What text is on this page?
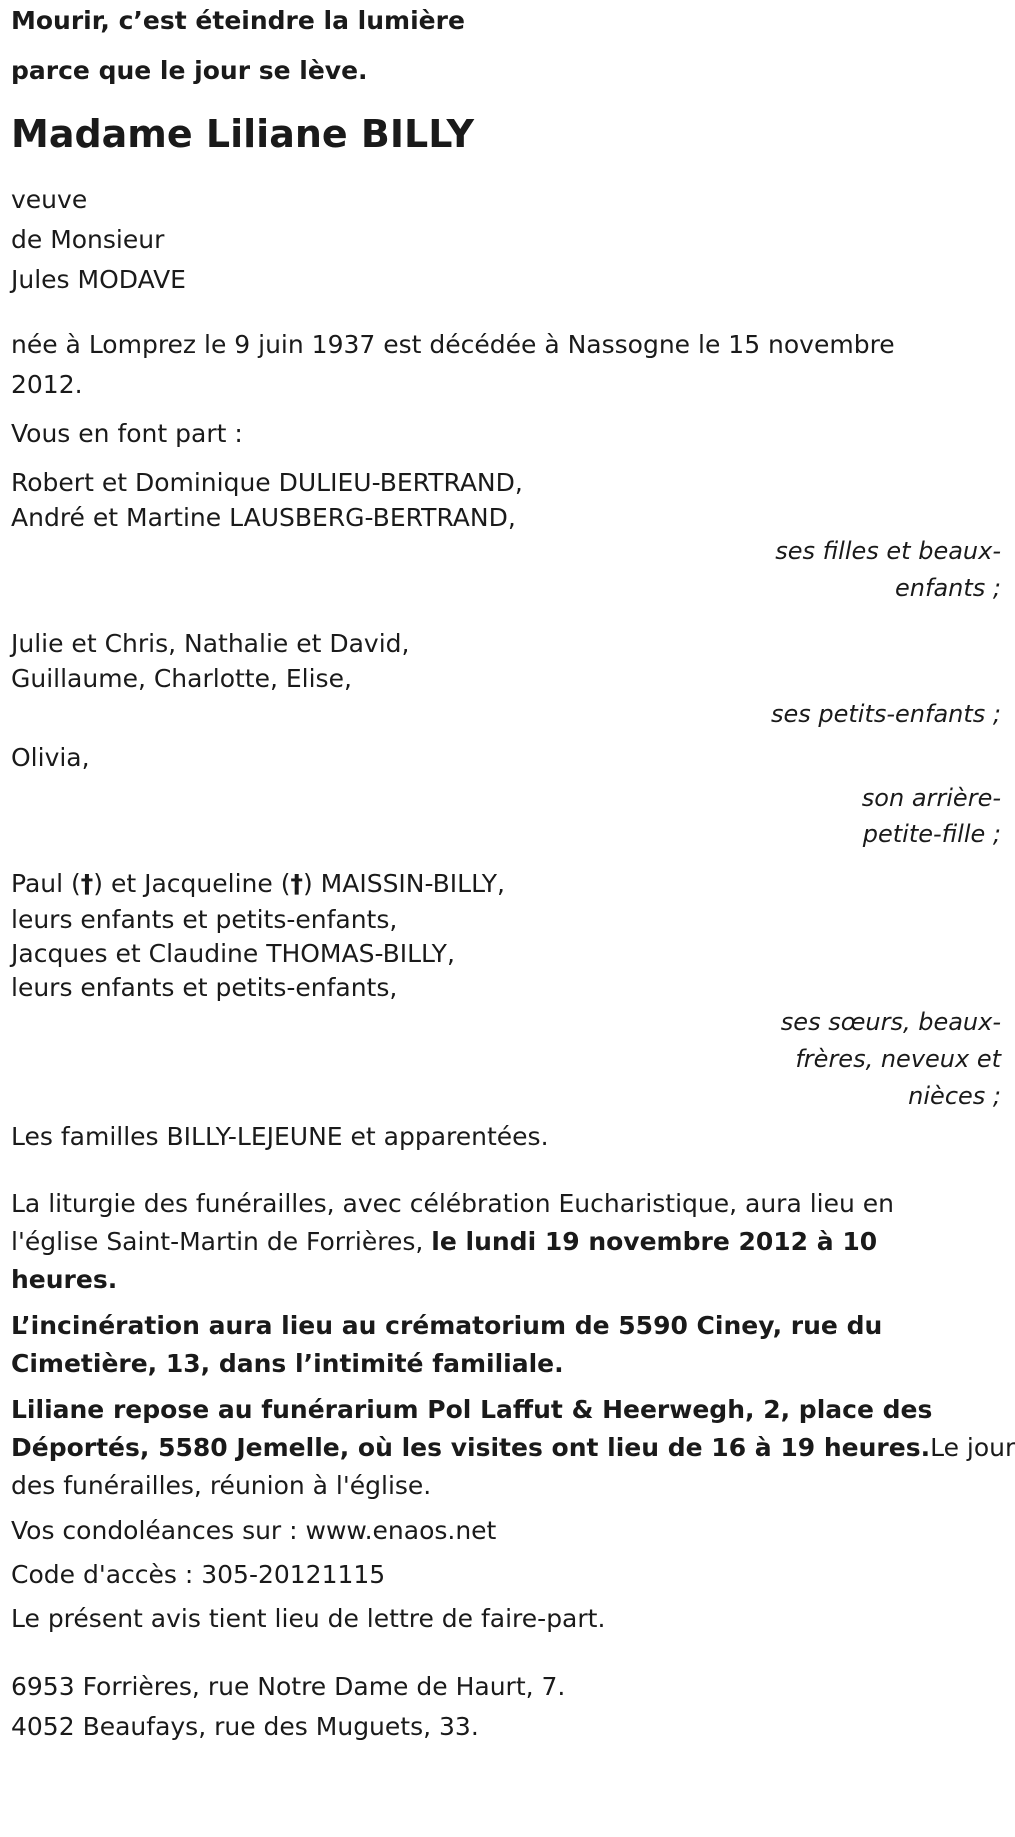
Mourir, c’est éteindre la lumière
parce que le jour se lève.
Madame Liliane BILLY
veuve
de Monsieur
Jules MODAVE
née à Lomprez le 9 juin 1937 est décédée à Nassogne le 15 novembre
2012.
Vous en font part :
Robert et Dominique DULIEU-BERTRAND,
André et Martine LAUSBERG-BERTRAND,
ses filles et beaux-
enfants ;
Julie et Chris, Nathalie et David,
Guillaume, Charlotte, Elise,
ses petits-enfants ;
Olivia,
son arrière-
petite-fille ;
Paul (†) et Jacqueline (†) MAISSIN-BILLY,
leurs enfants et petits-enfants,
Jacques et Claudine THOMAS-BILLY,
leurs enfants et petits-enfants,
ses sœurs, beaux-
frères, neveux et
nièces ;
Les familles BILLY-LEJEUNE et apparentées.
La liturgie des funérailles, avec célébration Eucharistique, aura lieu en
l'église Saint-Martin de Forrières, le lundi 19 novembre 2012 à 10
heures.
L’incinération aura lieu au crématorium de 5590 Ciney, rue du
Cimetière, 13, dans l’intimité familiale.
Liliane repose au funérarium Pol Laffut & Heerwegh, 2, place des
Déportés, 5580 Jemelle, où les visites ont lieu de 16 à 19 heures.Le jour
des funérailles, réunion à l'église.
Vos condoléances sur : www.enaos.net
Code d'accès : 305-20121115
Le présent avis tient lieu de lettre de faire-part.
6953 Forrières, rue Notre Dame de Haurt, 7.
4052 Beaufays, rue des Muguets, 33.
